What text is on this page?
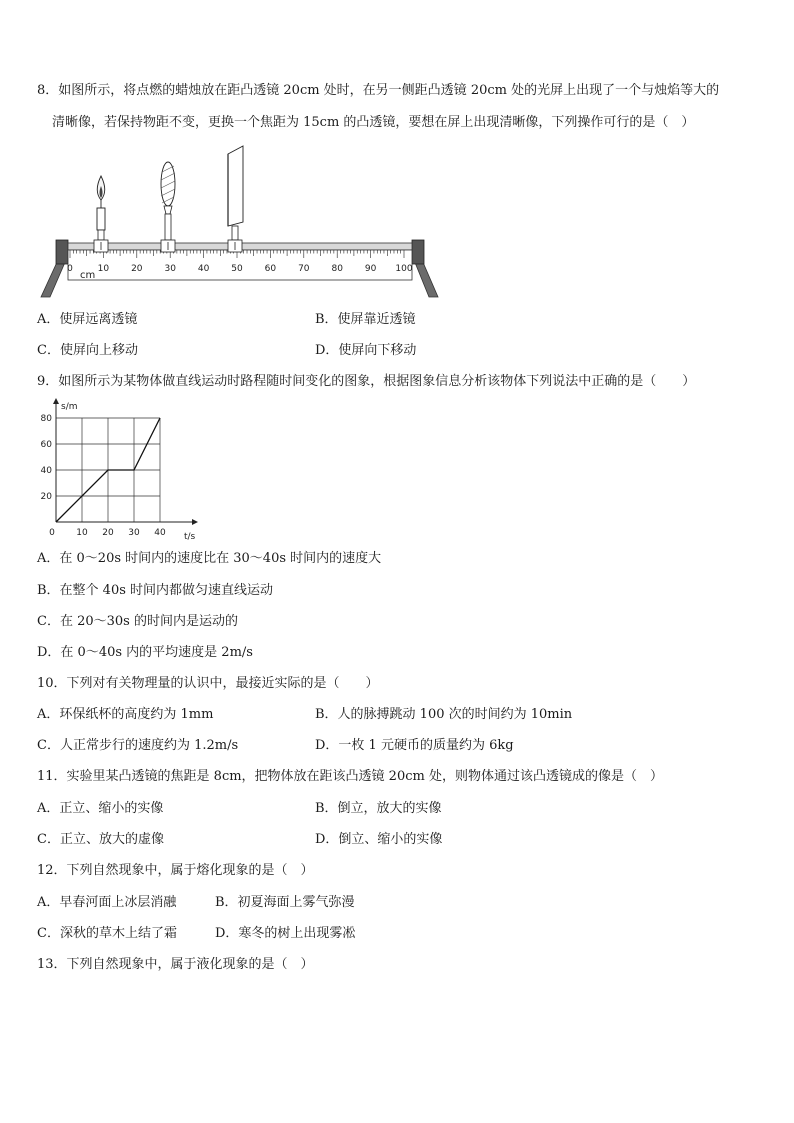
8．如图所示，将点燃的蜡烛放在距凸透镜 20cm 处时，在另一侧距凸透镜 20cm 处的光屏上出现了一个与烛焰等大的
清晰像，若保持物距不变，更换一个焦距为 15cm 的凸透镜，要想在屏上出现清晰像，下列操作可行的是（　）
0	10 20 30 40 50 60 70 80 90 100
cm
A．使屏远离透镜	B．使屏靠近透镜
C．使屏向上移动	D．使屏向下移动
9．如图所示为某物体做直线运动时路程随时间变化的图象，根据图象信息分析该物体下列说法中正确的是（　　）
0 10 20 30 40
20
40
60
80
s/m
t/s
A．在 0～20s 时间内的速度比在 30～40s 时间内的速度大
B．在整个 40s 时间内都做匀速直线运动
C．在 20～30s 的时间内是运动的
D．在 0～40s 内的平均速度是 2m/s
10．下列对有关物理量的认识中，最接近实际的是（　　）
A．环保纸杯的高度约为 1mm	B．人的脉搏跳动 100 次的时间约为 10min
C．人正常步行的速度约为 1.2m/s	D．一枚 1 元硬币的质量约为 6kg
11．实验里某凸透镜的焦距是 8cm，把物体放在距该凸透镜 20cm 处，则物体通过该凸透镜成的像是（　）
A．正立、缩小的实像	B．倒立，放大的实像
C．正立、放大的虚像	D．倒立、缩小的实像
12．下列自然现象中，属于熔化现象的是（　）
A．早春河面上冰层消融	B．初夏海面上雾气弥漫
C．深秋的草木上结了霜	D．寒冬的树上出现雾凇
13．下列自然现象中，属于液化现象的是（　）
